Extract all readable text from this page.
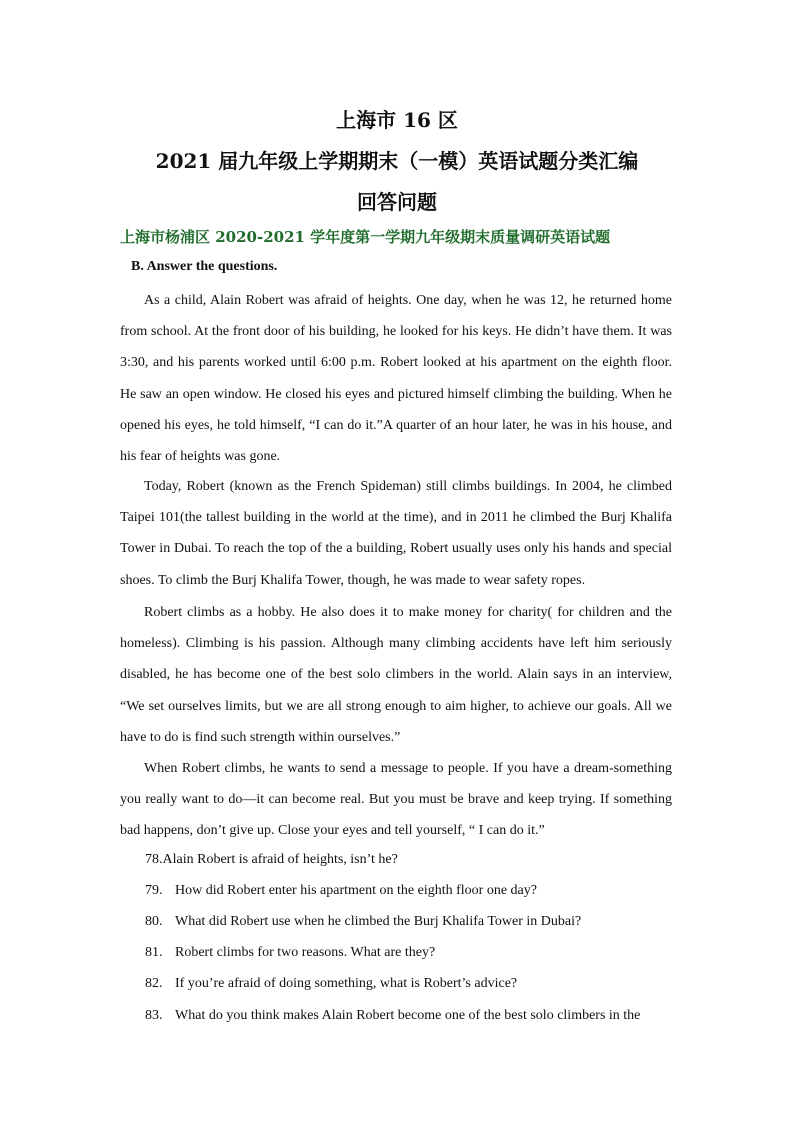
上海市 16 区
2021 届九年级上学期期末（一模）英语试题分类汇编
回答问题
上海市杨浦区 2020-2021 学年度第一学期九年级期末质量调研英语试题
B. Answer the questions.

As a child, Alain Robert was afraid of heights. One day, when he was 12, he returned home from school. At the front door of his building, he looked for his keys. He didn’t have them. It was 3:30, and his parents worked until 6:00 p.m. Robert looked at his apartment on the eighth floor. He saw an open window. He closed his eyes and pictured himself climbing the building. When he opened his eyes, he told himself, “I can do it.”A quarter of an hour later, he was in his house, and his fear of heights was gone.

Today, Robert (known as the French Spideman) still climbs buildings. In 2004, he climbed Taipei 101(the tallest building in the world at the time), and in 2011 he climbed the Burj Khalifa Tower in Dubai. To reach the top of the a building, Robert usually uses only his hands and special shoes. To climb the Burj Khalifa Tower, though, he was made to wear safety ropes.

Robert climbs as a hobby. He also does it to make money for charity( for children and the homeless). Climbing is his passion. Although many climbing accidents have left him seriously disabled, he has become one of the best solo climbers in the world. Alain says in an interview, “We set ourselves limits, but we are all strong enough to aim higher, to achieve our goals. All we have to do is find such strength within ourselves.”

When Robert climbs, he wants to send a message to people. If you have a dream-something you really want to do—it can become real. But you must be brave and keep trying. If something bad happens, don’t give up. Close your eyes and tell yourself, “ I can do it.”

78.Alain Robert is afraid of heights, isn’t he?
79. How did Robert enter his apartment on the eighth floor one day?
80. What did Robert use when he climbed the Burj Khalifa Tower in Dubai?
81. Robert climbs for two reasons. What are they?
82. If you’re afraid of doing something, what is Robert’s advice?
83. What do you think makes Alain Robert become one of the best solo climbers in the
